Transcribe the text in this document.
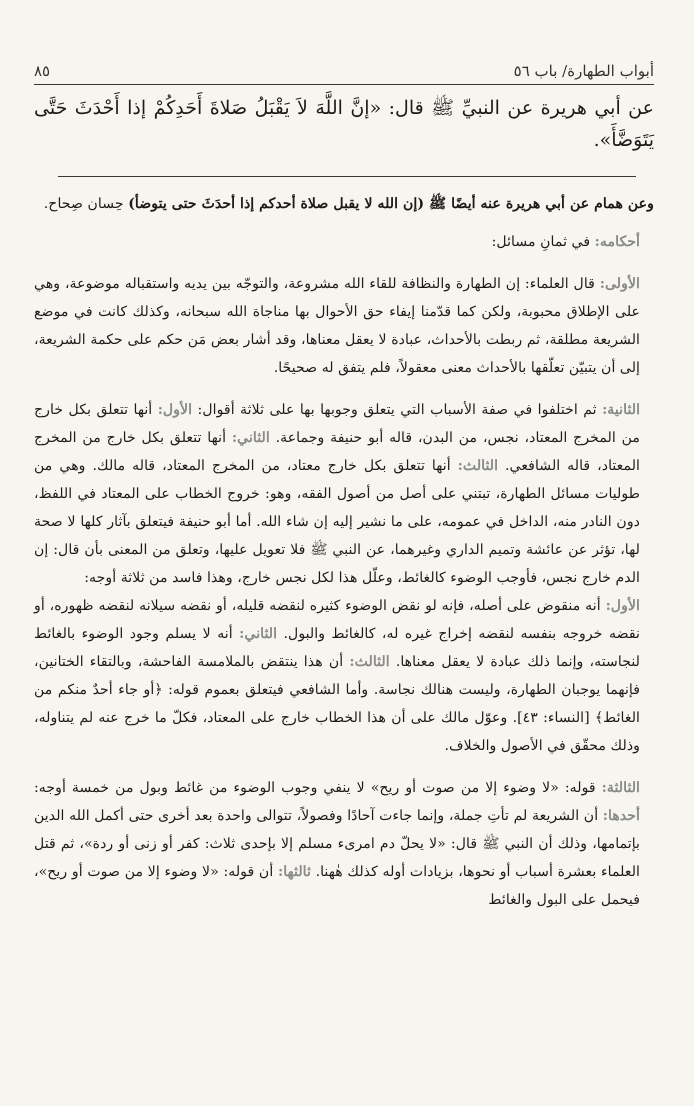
أبواب الطهارة/ باب ٥٦
٨٥
عن أبي هريرة عن النبيِّ ﷺ قال: «إنَّ اللَّهَ لاَ يَقْبَلُ صَلاةَ أَحَدِكُمْ إذا أَحْدَثَ حَتَّى يَتَوَضَّأَ».

وعن همام عن أبي هريرة عنه أيضًا ﷺ (إن الله لا يقبل صلاة أحدكم إذا أحدَثَ حتى يتوضأ) حِسان صِحاح.

أحكامه: في ثمانِ مسائل:

الأولى: قال العلماء: إن الطهارة والنظافة للقاء الله مشروعة، والتوجّه بين يديه واستقباله موضوعة، وهي على الإطلاق محبوبة، ولكن كما قدّمنا إيفاء حق الأحوال بها مناجاة الله سبحانه، وكذلك كانت في موضع الشريعة مطلقة، ثم ربطت بالأحداث، عبادة لا يعقل معناها، وقد أشار بعض مَن حكم على حكمة الشريعة، إلى أن يتبيّن تعلّقها بالأحداث معنى معقولاً، فلم يتفق له صحيحًا.

الثانية: ثم اختلفوا في صفة الأسباب التي يتعلق وجوبها بها على ثلاثة أقوال: الأول: أنها تتعلق بكل خارج من المخرج المعتاد، نجس، من البدن، قاله أبو حنيفة وجماعة. الثاني: أنها تتعلق بكل خارج من المخرج المعتاد، قاله الشافعي. الثالث: أنها تتعلق بكل خارج معتاد، من المخرج المعتاد، قاله مالك. وهي من طوليات مسائل الطهارة، تبتني على أصل من أصول الفقه، وهو: خروج الخطاب على المعتاد في اللفظ، دون النادر منه، الداخل في عمومه، على ما نشير إليه إن شاء الله. أما أبو حنيفة فيتعلق بآثار كلها لا صحة لها، تؤثر عن عائشة وتميم الداري وغيرهما، عن النبي ﷺ فلا تعويل عليها، وتعلق من المعنى بأن قال: إن الدم خارج نجس، فأوجب الوضوء كالغائط، وعلّل هذا لكل نجس خارج، وهذا فاسد من ثلاثة أوجه:
الأول: أنه منقوض على أصله، فإنه لو نقض الوضوء كثيره لنقضه قليله، أو نقضه سيلانه لنقضه ظهوره، أو نقضه خروجه بنفسه لنقضه إخراج غيره له، كالغائط والبول. الثاني: أنه لا يسلم وجود الوضوء بالغائط لنجاسته، وإنما ذلك عبادة لا يعقل معناها. الثالث: أن هذا ينتقض بالملامسة الفاحشة، وبالتقاء الختانين، فإنهما يوجبان الطهارة، وليست هنالك نجاسة. وأما الشافعي فيتعلق بعموم قوله: ﴿أو جاء أحدٌ منكم من الغائط﴾ [النساء: ٤٣]. وعوّل مالك على أن هذا الخطاب خارج على المعتاد، فكلّ ما خرج عنه لم يتناوله، وذلك محقّق في الأصول والخلاف.

الثالثة: قوله: «لا وضوء إلا من صوت أو ريح» لا ينفي وجوب الوضوء من غائط وبول من خمسة أوجه: أحدها: أن الشريعة لم تأتِ جملة، وإنما جاءت آحادًا وفصولاً، تتوالى واحدة بعد أخرى حتى أكمل الله الدين بإتمامها، وذلك أن النبي ﷺ قال: «لا يحلّ دم امرىء مسلم إلا بإحدى ثلاث: كفر أو زنى أو ردة»، ثم قتل العلماء بعشرة أسباب أو نحوها، بزيادات أوله كذلك هٰهنا. ثالثها: أن قوله: «لا وضوء إلا من صوت أو ريح»، فيحمل على البول والغائط
